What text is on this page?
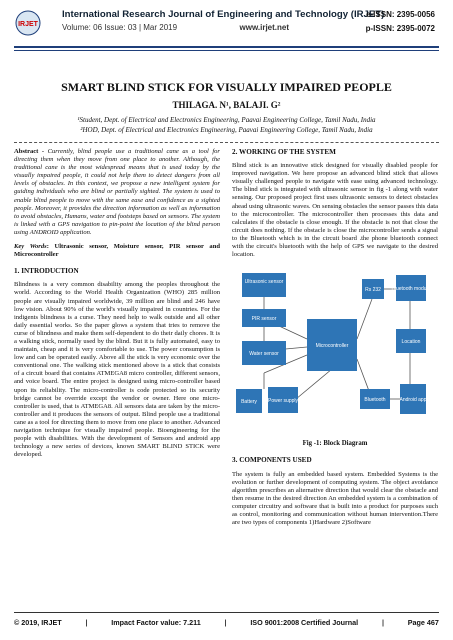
IRJET
International Research Journal of Engineering and Technology (IRJET)
Volume: 06 Issue: 03 | Mar 2019	www.irjet.net
e-ISSN: 2395-0056
p-ISSN: 2395-0072
SMART BLIND STICK FOR VISUALLY IMPAIRED PEOPLE
THILAGA. N¹, BALAJI. G²
¹Student, Dept. of Electrical and Electronics Engineering, Paavai Engineering College, Tamil Nadu, India
²HOD, Dept. of Electrical and Electronics Engineering, Paavai Engineering College, Tamil Nadu, India

Abstract - Currently, blind people use a traditional cane as a tool for directing them when they move from one place to another. Although, the traditional cane is the most widespread means that is used today by the visually impaired people, it could not help them to detect dangers from all levels of obstacles. In this context, we propose a new intelligent system for guiding individuals who are blind or partially sighted. The system is used to enable blind people to move with the same ease and confidence as a sighted people. Moreover, it provides the direction information as well as information to avoid obstacles, Humans, water and footsteps based on sensors. The system is linked with a GPS navigation to pin-point the location of the blind person using ANDROID application.

Key Words: Ultrasonic sensor, Moisture sensor, PIR sensor and Microcontroller

1. INTRODUCTION

Blindness is a very common disability among the peoples throughout the world. According to the World Health Organization (WHO) 285 million people are visually impaired worldwide, 39 million are blind and 246 have low vision. About 90% of the world's visually impaired in countries. For the indigents blindness is a curse. They need help to walk outside and all other daily essential works. So the paper glows a system that tries to remove the curse of blindness and make them self-dependent to do their daily chores. It is a walking stick, normally used by the blind. But it is fully automated, easy to maintain, cheap and it is very comfortable to use. The power consumption is low and can be operated easily. Above all the stick is very economic over the conventional one. The walking stick mentioned above is a stick that consists of a circuit board that contains ATMEGA8 micro controller, different sensors, and voice board. The entire project is designed using micro-controller based upon its reliability. The micro-controller is code protected so its security bridge cannot be override except the vendor or owner. Here one micro-controller is used, that is ATMEGA8. All sensors data are taken by the micro-controller and it produces the sensors of output. Blind people use a traditional cane as a tool for directing them to move from one place to another. Advanced navigation technique for visually impaired people. Bioengineering for the people with disabilities. With the development of Sensors and android app technology a new series of devices, known SMART BLIND STICK were developed.

2. WORKING OF THE SYSTEM

Blind stick is an innovative stick designed for visually disabled people for improved navigation. We here propose an advanced blind stick that allows visually challenged people to navigate with ease using advanced technology. The blind stick is integrated with ultrasonic sensor in fig -1 along with water sensing. Our proposed project first uses ultrasonic sensors to detect obstacles ahead using ultrasonic waves. On sensing obstacles the sensor passes this data to the microcontroller. The microcontroller then processes this data and calculates if the obstacle is close enough. If the obstacle is not that close the circuit does nothing. If the obstacle is close the microcontroller sends a signal to the Bluetooth which is in the circuit board .the phone bluetooth connect with the circuit's bluetooth with the help of GPS we navigate to the desired location.

Ultrasonic sensor
PIR sensor
Water sensor
Battery Power supply
Microcontroller
Rs 232 Bluetooth module
Location
Bluetooth	Android app
Fig -1: Block Diagram
3. COMPONENTS USED

The system is fully an embedded based system. Embedded Systems is the evolution or further development of computing system. The object avoidance algorithm prescribes an alternative direction that would clear the obstacle and then resume in the desired direction An embedded system is a combination of computer circuitry and software that is built into a product for purposes such as control, monitoring and communication without human intervention.There are two types of components 1)Hardware 2)Software

© 2019, IRJET	|	Impact Factor value: 7.211	|	ISO 9001:2008 Certified Journal	|	Page 467
